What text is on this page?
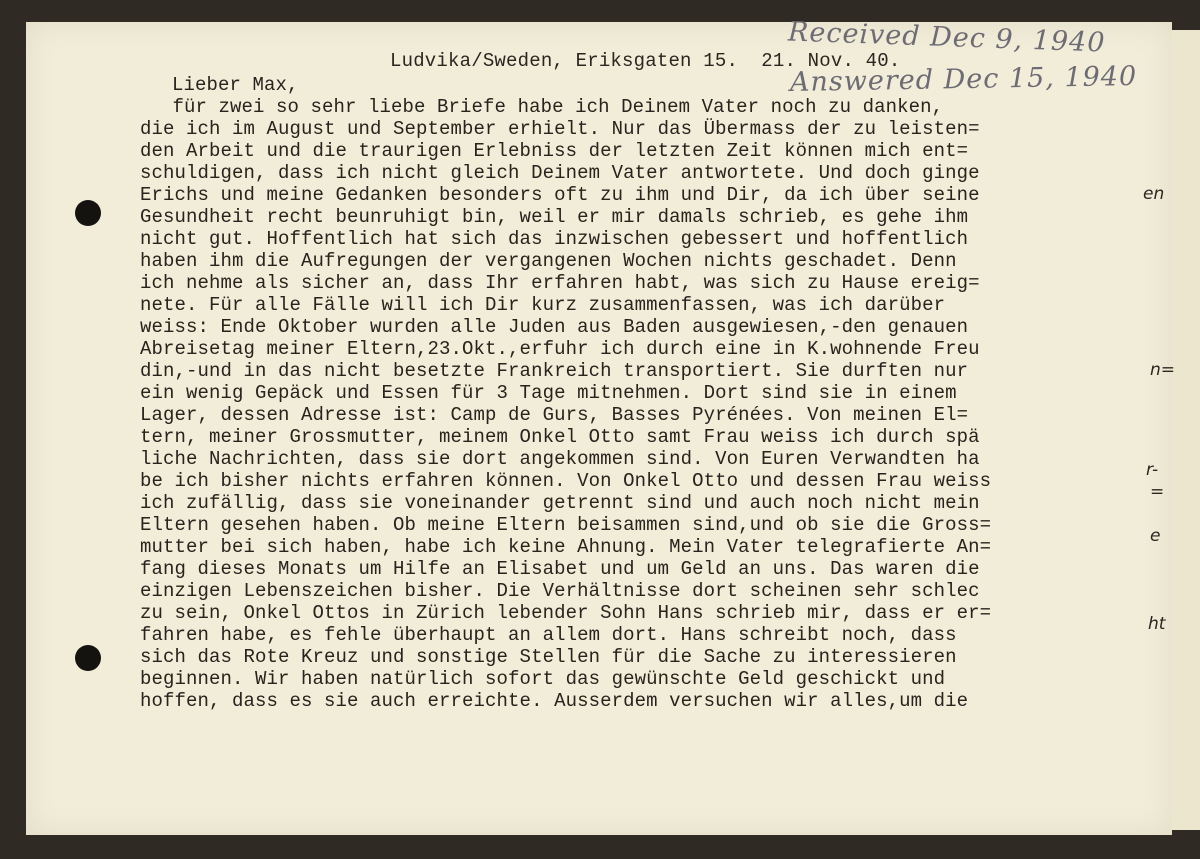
Ludvika/Sweden, Eriksgaten 15.  21. Nov. 40.
Received Dec 9, 1940
Answered Dec 15, 1940
Lieber Max,
für zwei so sehr liebe Briefe habe ich Deinem Vater noch zu danken,
die ich im August und September erhielt. Nur das Übermass der zu leisten=
den Arbeit und die traurigen Erlebniss der letzten Zeit können mich ent=
schuldigen, dass ich nicht gleich Deinem Vater antwortete. Und doch ginge
Erichs und meine Gedanken besonders oft zu ihm und Dir, da ich über seine
Gesundheit recht beunruhigt bin, weil er mir damals schrieb, es gehe ihm
nicht gut. Hoffentlich hat sich das inzwischen gebessert und hoffentlich
haben ihm die Aufregungen der vergangenen Wochen nichts geschadet. Denn
ich nehme als sicher an, dass Ihr erfahren habt, was sich zu Hause ereig=
nete. Für alle Fälle will ich Dir kurz zusammenfassen, was ich darüber
weiss: Ende Oktober wurden alle Juden aus Baden ausgewiesen,-den genauen
Abreisetag meiner Eltern,23.Okt.,erfuhr ich durch eine in K.wohnende Freu
din,-und in das nicht besetzte Frankreich transportiert. Sie durften nur
ein wenig Gepäck und Essen für 3 Tage mitnehmen. Dort sind sie in einem
Lager, dessen Adresse ist: Camp de Gurs, Basses Pyrénées. Von meinen El=
tern, meiner Grossmutter, meinem Onkel Otto samt Frau weiss ich durch spä
liche Nachrichten, dass sie dort angekommen sind. Von Euren Verwandten ha
be ich bisher nichts erfahren können. Von Onkel Otto und dessen Frau weiss
ich zufällig, dass sie voneinander getrennt sind und auch noch nicht mein
Eltern gesehen haben. Ob meine Eltern beisammen sind,und ob sie die Gross=
mutter bei sich haben, habe ich keine Ahnung. Mein Vater telegrafierte An=
fang dieses Monats um Hilfe an Elisabet und um Geld an uns. Das waren die
einzigen Lebenszeichen bisher. Die Verhältnisse dort scheinen sehr schlec
zu sein, Onkel Ottos in Zürich lebender Sohn Hans schrieb mir, dass er er=
fahren habe, es fehle überhaupt an allem dort. Hans schreibt noch, dass
sich das Rote Kreuz und sonstige Stellen für die Sache zu interessieren
beginnen. Wir haben natürlich sofort das gewünschte Geld geschickt und
hoffen, dass es sie auch erreichte. Ausserdem versuchen wir alles,um die
en
n=
r-
=
e
ht
